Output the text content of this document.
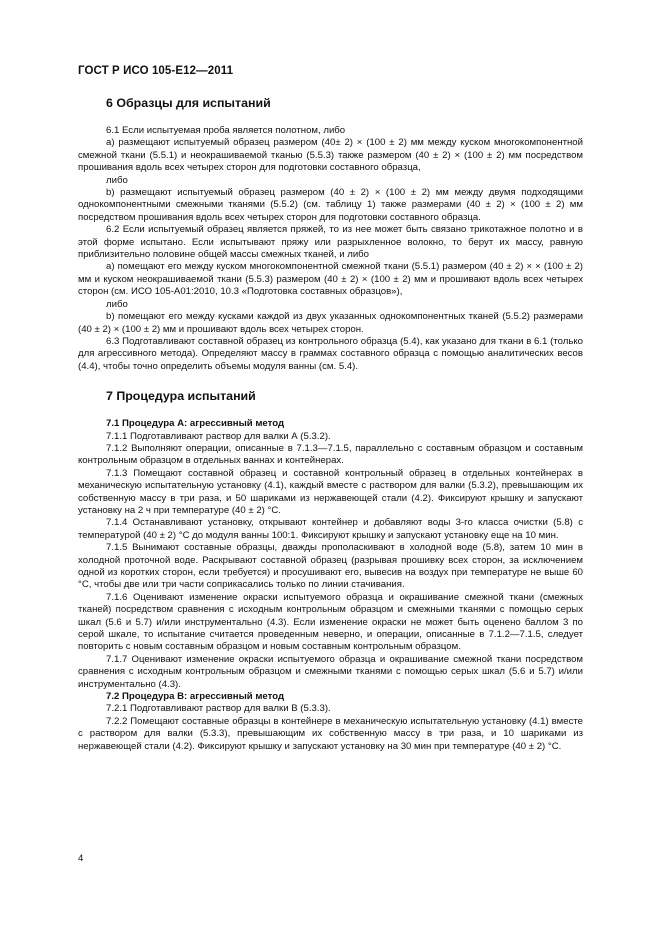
ГОСТ Р ИСО 105-E12—2011
6 Образцы для испытаний

6.1 Если испытуемая проба является полотном, либо

a) размещают испытуемый образец размером (40± 2) × (100 ± 2) мм между куском многокомпонентной смежной ткани (5.5.1) и неокрашиваемой тканью (5.5.3) также размером (40 ± 2) × (100 ± 2) мм посредством прошивания вдоль всех четырех сторон для подготовки составного образца,

либо

b) размещают испытуемый образец размером (40 ± 2) × (100 ± 2) мм между двумя подходящими однокомпонентными смежными тканями (5.5.2) (см. таблицу 1) также размерами (40 ± 2) × (100 ± 2) мм посредством прошивания вдоль всех четырех сторон для подготовки составного образца.

6.2 Если испытуемый образец является пряжей, то из нее может быть связано трикотажное полотно и в этой форме испытано. Если испытывают пряжу или разрыхленное волокно, то берут их массу, равную приблизительно половине общей массы смежных тканей, и либо

a) помещают его между куском многокомпонентной смежной ткани (5.5.1) размером (40 ± 2) × × (100 ± 2) мм и куском неокрашиваемой ткани (5.5.3) размером (40 ± 2) × (100 ± 2) мм и прошивают вдоль всех четырех сторон (см. ИСО 105-А01:2010, 10.3 «Подготовка составных образцов»),

либо

b) помещают его между кусками каждой из двух указанных однокомпонентных тканей (5.5.2) размерами (40 ± 2) × (100 ± 2) мм и прошивают вдоль всех четырех сторон.

6.3 Подготавливают составной образец из контрольного образца (5.4), как указано для ткани в 6.1 (только для агрессивного метода). Определяют массу в граммах составного образца с помощью аналитических весов (4.4), чтобы точно определить объемы модуля ванны (см. 5.4).

7 Процедура испытаний

7.1 Процедура А: агрессивный метод

7.1.1 Подготавливают раствор для валки А (5.3.2).

7.1.2 Выполняют операции, описанные в 7.1.3—7.1.5, параллельно с составным образцом и составным контрольным образцом в отдельных ваннах и контейнерах.

7.1.3 Помещают составной образец и составной контрольный образец в отдельных контейнерах в механическую испытательную установку (4.1), каждый вместе с раствором для валки (5.3.2), превышающим их собственную массу в три раза, и 50 шариками из нержавеющей стали (4.2). Фиксируют крышку и запускают установку на 2 ч при температуре (40 ± 2) °С.

7.1.4 Останавливают установку, открывают контейнер и добавляют воды 3-го класса очистки (5.8) с температурой (40 ± 2) °С до модуля ванны 100:1. Фиксируют крышку и запускают установку еще на 10 мин.

7.1.5 Вынимают составные образцы, дважды прополаскивают в холодной воде (5.8), затем 10 мин в холодной проточной воде. Раскрывают составной образец (разрывая прошивку всех сторон, за исключением одной из коротких сторон, если требуется) и просушивают его, вывесив на воздух при температуре не выше 60 °С, чтобы две или три части соприкасались только по линии стачивания.

7.1.6 Оценивают изменение окраски испытуемого образца и окрашивание смежной ткани (смежных тканей) посредством сравнения с исходным контрольным образцом и смежными тканями с помощью серых шкал (5.6 и 5.7) и/или инструментально (4.3). Если изменение окраски не может быть оценено баллом 3 по серой шкале, то испытание считается проведенным неверно, и операции, описанные в 7.1.2—7.1.5, следует повторить с новым составным образцом и новым составным контрольным образцом.

7.1.7 Оценивают изменение окраски испытуемого образца и окрашивание смежной ткани посредством сравнения с исходным контрольным образцом и смежными тканями с помощью серых шкал (5.6 и 5.7) и/или инструментально (4.3).

7.2 Процедура В: агрессивный метод

7.2.1 Подготавливают раствор для валки В (5.3.3).

7.2.2 Помещают составные образцы в контейнере в механическую испытательную установку (4.1) вместе с раствором для валки (5.3.3), превышающим их собственную массу в три раза, и 10 шариками из нержавеющей стали (4.2). Фиксируют крышку и запускают установку на 30 мин при температуре (40 ± 2) °С.

4
